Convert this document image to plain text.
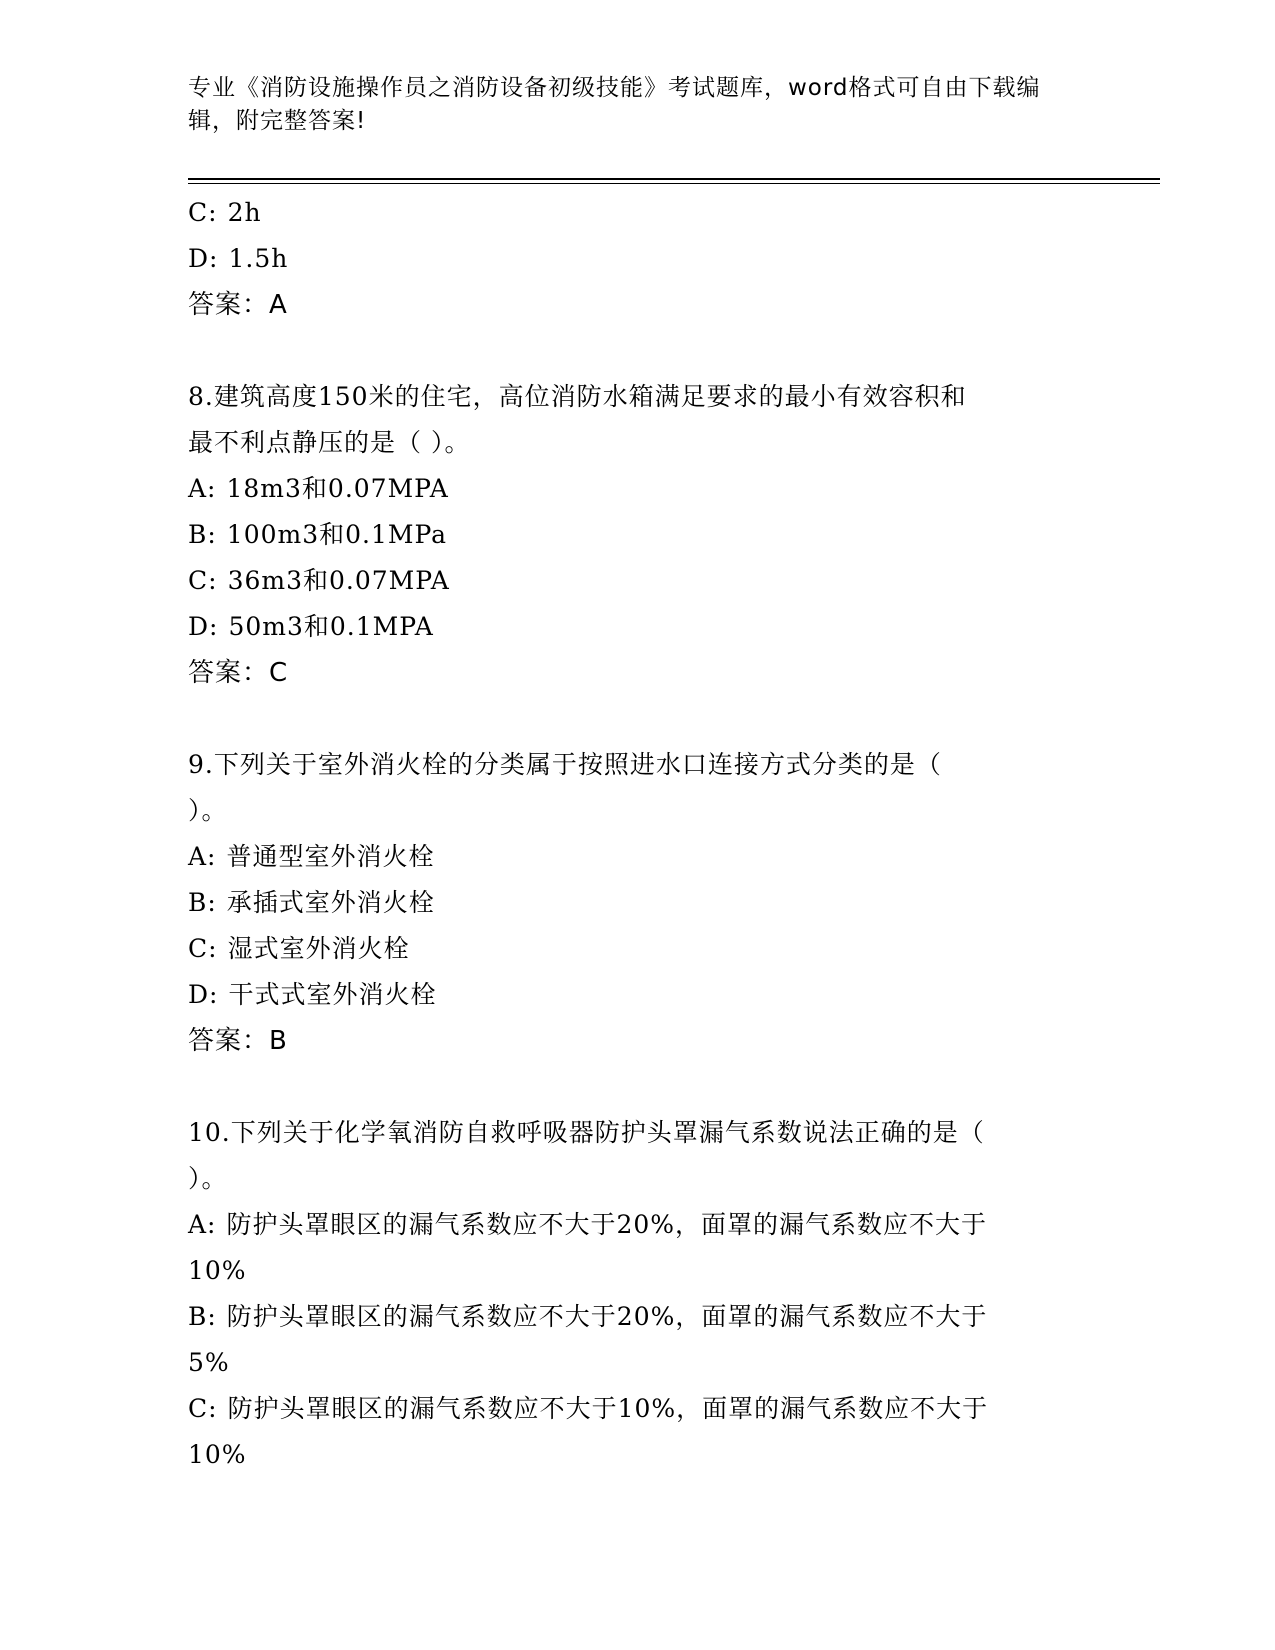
专业《消防设施操作员之消防设备初级技能》考试题库，word格式可自由下载编
辑，附完整答案!
C: 2h
D: 1.5h
答案：A
8.建筑高度150米的住宅，高位消防水箱满足要求的最小有效容积和
最不利点静压的是（ ）。
A: 18m3和0.07MPA
B: 100m3和0.1MPa
C: 36m3和0.07MPA
D: 50m3和0.1MPA
答案：C
9.下列关于室外消火栓的分类属于按照进水口连接方式分类的是（
）。
A: 普通型室外消火栓
B: 承插式室外消火栓
C: 湿式室外消火栓
D: 干式式室外消火栓
答案：B
10.下列关于化学氧消防自救呼吸器防护头罩漏气系数说法正确的是（
）。
A: 防护头罩眼区的漏气系数应不大于20%，面罩的漏气系数应不大于
10%
B: 防护头罩眼区的漏气系数应不大于20%，面罩的漏气系数应不大于
5%
C: 防护头罩眼区的漏气系数应不大于10%，面罩的漏气系数应不大于
10%
